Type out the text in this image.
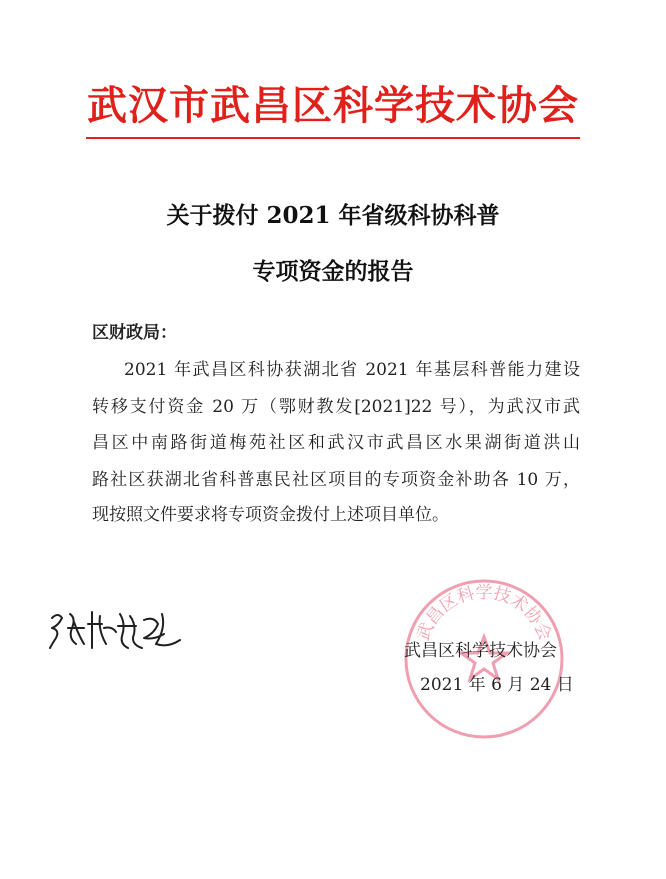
武汉市武昌区科学技术协会
关于拨付 2021 年省级科协科普
专项资金的报告
区财政局：
2021 年武昌区科协获湖北省 2021 年基层科普能力建设
转移支付资金 20 万（鄂财教发[2021]22 号），为武汉市武
昌区中南路街道梅苑社区和武汉市武昌区水果湖街道洪山
路社区获湖北省科普惠民社区项目的专项资金补助各 10 万，
现按照文件要求将专项资金拨付上述项目单位。
武昌区科学技术协会
武昌区科学技术协会
2021 年 6 月 24 日
